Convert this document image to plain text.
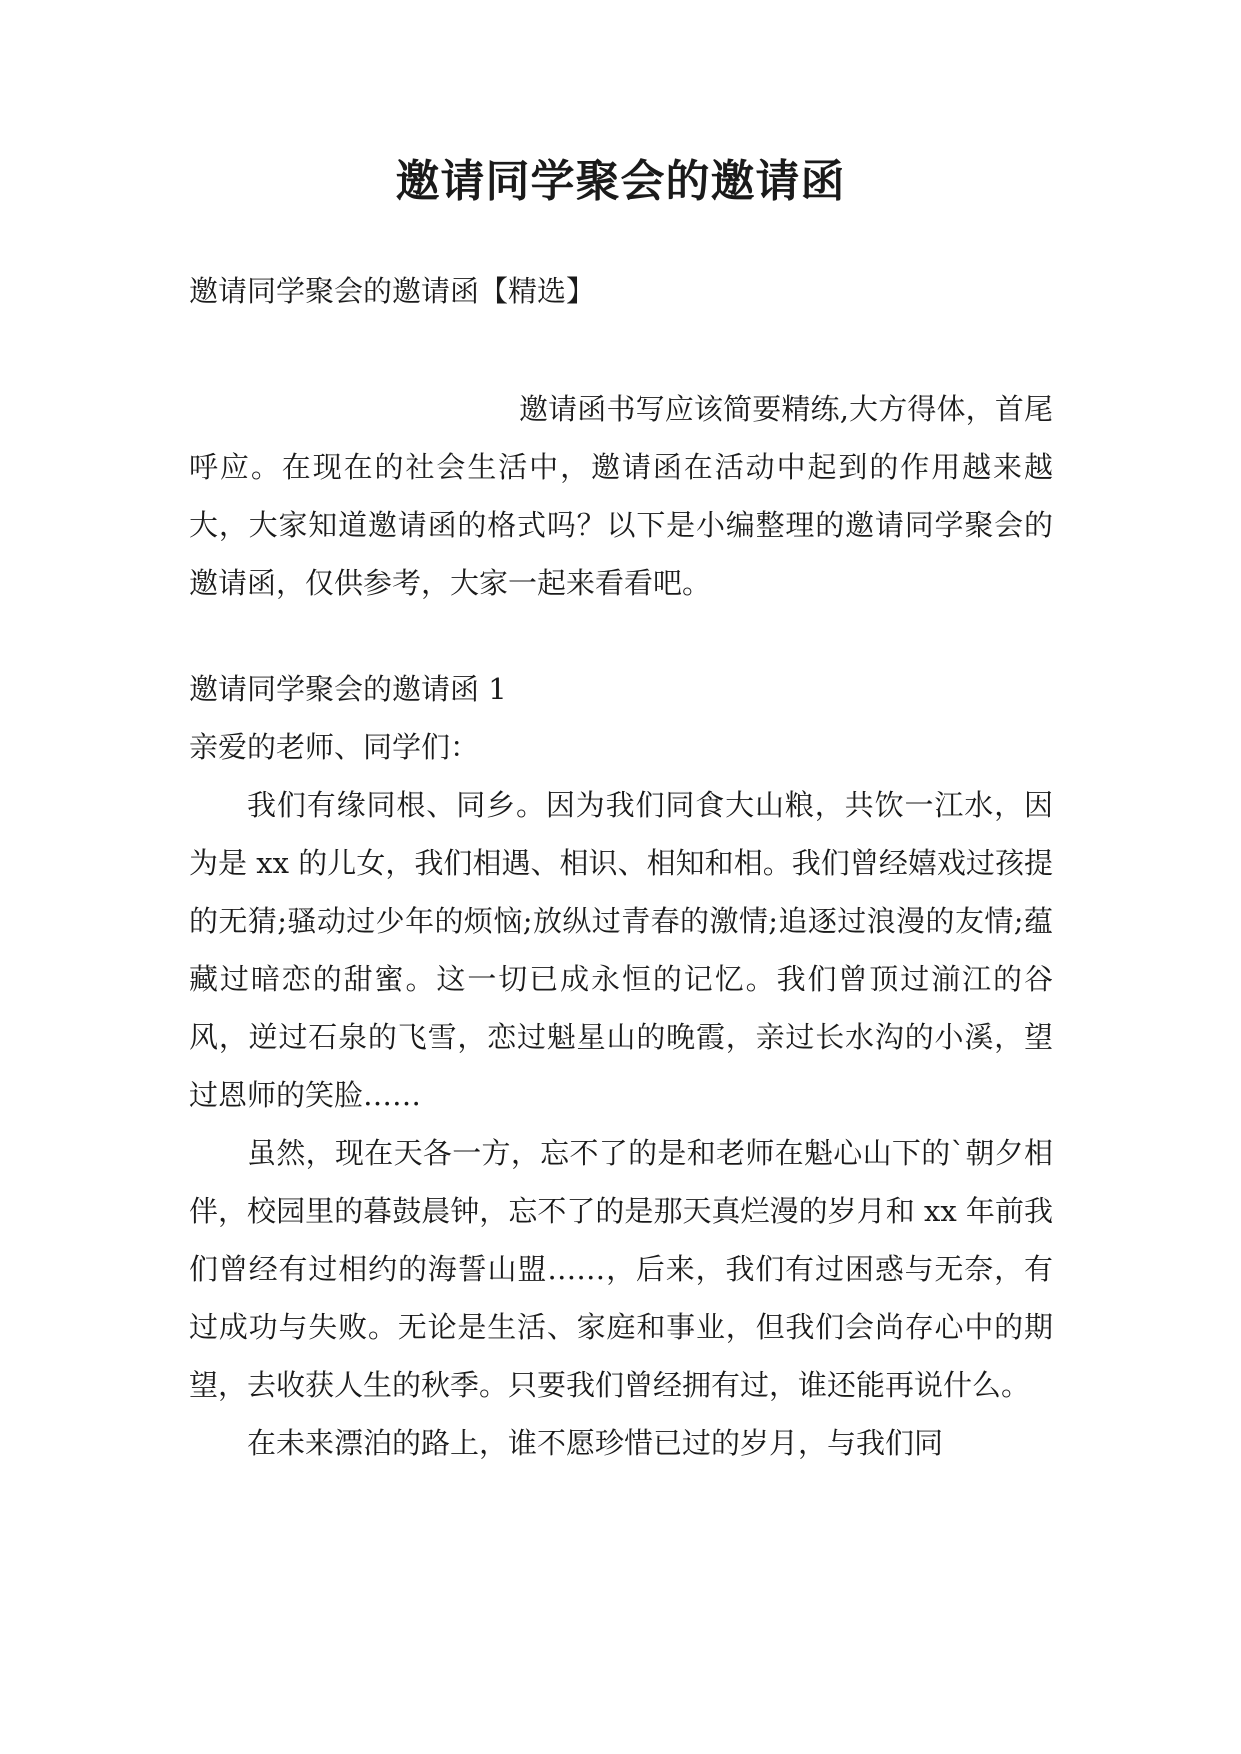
邀请同学聚会的邀请函
邀请同学聚会的邀请函【精选】

邀请函书写应该简要精练,大方得体，首尾呼应。在现在的社会生活中，邀请函在活动中起到的作用越来越大，大家知道邀请函的格式吗？以下是小编整理的邀请同学聚会的邀请函，仅供参考，大家一起来看看吧。

邀请同学聚会的邀请函 1
亲爱的老师、同学们：

我们有缘同根、同乡。因为我们同食大山粮，共饮一江水，因为是 xx 的儿女，我们相遇、相识、相知和相。我们曾经嬉戏过孩提的无猜;骚动过少年的烦恼;放纵过青春的激情;追逐过浪漫的友情;蕴藏过暗恋的甜蜜。这一切已成永恒的记忆。我们曾顶过湔江的谷风，逆过石泉的飞雪，恋过魁星山的晚霞，亲过长水沟的小溪，望过恩师的笑脸……

虽然，现在天各一方，忘不了的是和老师在魁心山下的`朝夕相伴，校园里的暮鼓晨钟，忘不了的是那天真烂漫的岁月和 xx 年前我们曾经有过相约的海誓山盟……，后来，我们有过困惑与无奈，有过成功与失败。无论是生活、家庭和事业，但我们会尚存心中的期望，去收获人生的秋季。只要我们曾经拥有过，谁还能再说什么。

在未来漂泊的路上，谁不愿珍惜已过的岁月，与我们同
